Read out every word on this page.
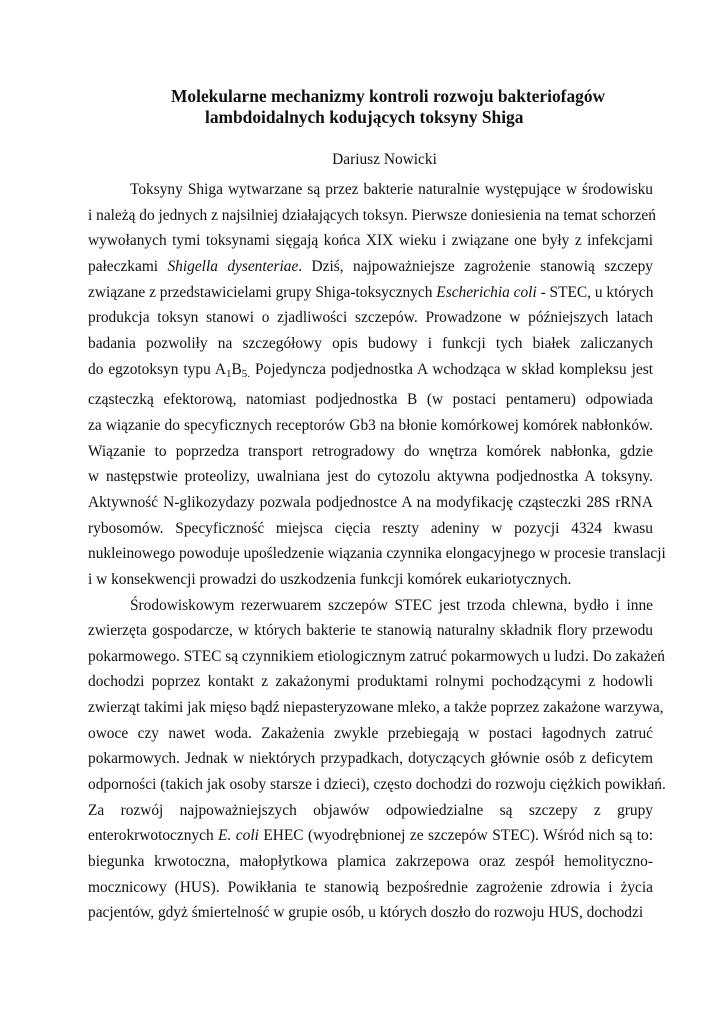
Molekularne mechanizmy kontroli rozwoju bakteriofagów
lambdoidalnych kodujących toksyny Shiga
Dariusz Nowicki
Toksyny Shiga wytwarzane są przez bakterie naturalnie występujące w środowisku
i należą do jednych z najsilniej działających toksyn. Pierwsze doniesienia na temat schorzeń
wywołanych tymi toksynami sięgają końca XIX wieku i związane one były z infekcjami
pałeczkami Shigella dysenteriae. Dziś, najpoważniejsze zagrożenie stanowią szczepy
związane z przedstawicielami grupy Shiga-toksycznych Escherichia coli - STEC, u których
produkcja toksyn stanowi o zjadliwości szczepów. Prowadzone w późniejszych latach
badania pozwoliły na szczegółowy opis budowy i funkcji tych białek zaliczanych
do egzotoksyn typu $A_1B_{5.}$ Pojedyncza podjednostka A wchodząca w skład kompleksu jest
cząsteczką efektorową, natomiast podjednostka B (w postaci pentameru) odpowiada
za wiązanie do specyficznych receptorów Gb3 na błonie komórkowej komórek nabłonków.
Wiązanie to poprzedza transport retrogradowy do wnętrza komórek nabłonka, gdzie
w następstwie proteolizy, uwalniana jest do cytozolu aktywna podjednostka A toksyny.
Aktywność N-glikozydazy pozwala podjednostce A na modyfikację cząsteczki 28S rRNA
rybosomów. Specyficzność miejsca cięcia reszty adeniny w pozycji 4324 kwasu
nukleinowego powoduje upośledzenie wiązania czynnika elongacyjnego w procesie translacji
i w konsekwencji prowadzi do uszkodzenia funkcji komórek eukariotycznych.
Środowiskowym rezerwuarem szczepów STEC jest trzoda chlewna, bydło i inne
zwierzęta gospodarcze, w których bakterie te stanowią naturalny składnik flory przewodu
pokarmowego. STEC są czynnikiem etiologicznym zatruć pokarmowych u ludzi. Do zakażeń
dochodzi poprzez kontakt z zakażonymi produktami rolnymi pochodzącymi z hodowli
zwierząt takimi jak mięso bądź niepasteryzowane mleko, a także poprzez zakażone warzywa,
owoce czy nawet woda. Zakażenia zwykle przebiegają w postaci łagodnych zatruć
pokarmowych. Jednak w niektórych przypadkach, dotyczących głównie osób z deficytem
odporności (takich jak osoby starsze i dzieci), często dochodzi do rozwoju ciężkich powikłań.
Za rozwój najpoważniejszych objawów odpowiedzialne są szczepy z grupy
enterokrwotocznych E. coli EHEC (wyodrębnionej ze szczepów STEC). Wśród nich są to:
biegunka krwotoczna, małopłytkowa plamica zakrzepowa oraz zespół hemolityczno-
mocznicowy (HUS). Powikłania te stanowią bezpośrednie zagrożenie zdrowia i życia
pacjentów, gdyż śmiertelność w grupie osób, u których doszło do rozwoju HUS, dochodzi
